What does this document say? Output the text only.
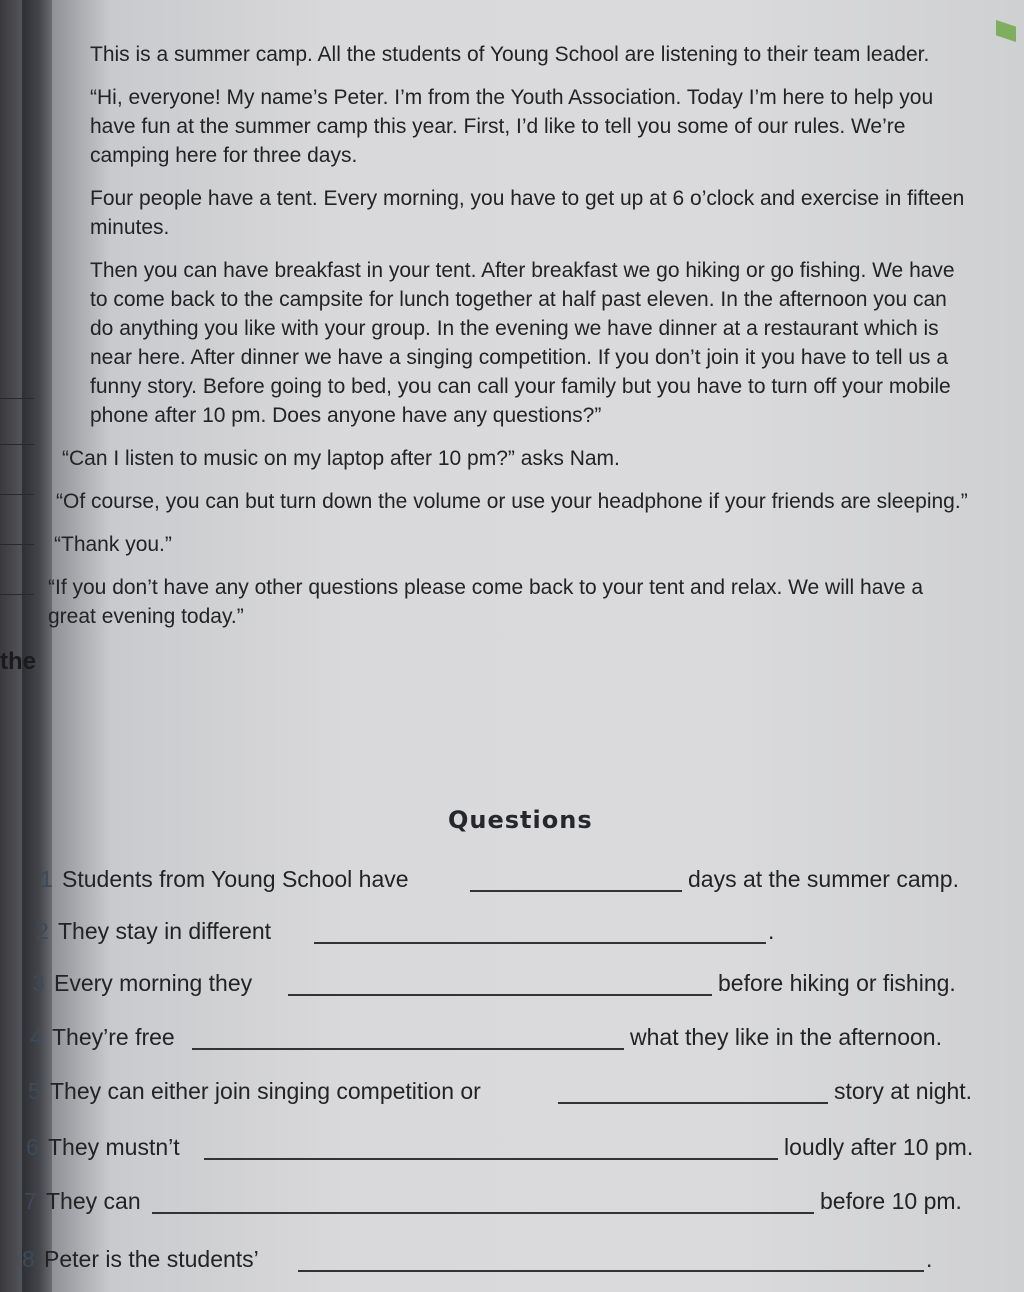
the

This is a summer camp. All the students of Young School are listening to their team leader.

“Hi, everyone! My name’s Peter. I’m from the Youth Association. Today I’m here to help you have fun at the summer camp this year. First, I’d like to tell you some of our rules. We’re camping here for three days.

Four people have a tent. Every morning, you have to get up at 6 o’clock and exercise in fifteen minutes.

Then you can have breakfast in your tent. After breakfast we go hiking or go fishing. We have to come back to the campsite for lunch together at half past eleven. In the afternoon you can do anything you like with your group. In the evening we have dinner at a restaurant which is near here. After dinner we have a singing competition. If you don’t join it you have to tell us a funny story. Before going to bed, you can call your family but you have to turn off your mobile phone after 10 pm. Does anyone have any questions?”

“Can I listen to music on my laptop after 10 pm?” asks Nam.

“Of course, you can but turn down the volume or use your headphone if your friends are sleeping.”

“Thank you.”

“If you don’t have any other questions please come back to your tent and relax. We will have a great evening today.”

Questions
1 Students from Young School have	days at the summer camp.
2 They stay in different	.
3 Every morning they	before hiking or fishing.
4 They’re free	what they like in the afternoon.
5 They can either join singing competition or	story at night.
6 They mustn’t	loudly after 10 pm.
7 They can	before 10 pm.
8 Peter is the students’	.
